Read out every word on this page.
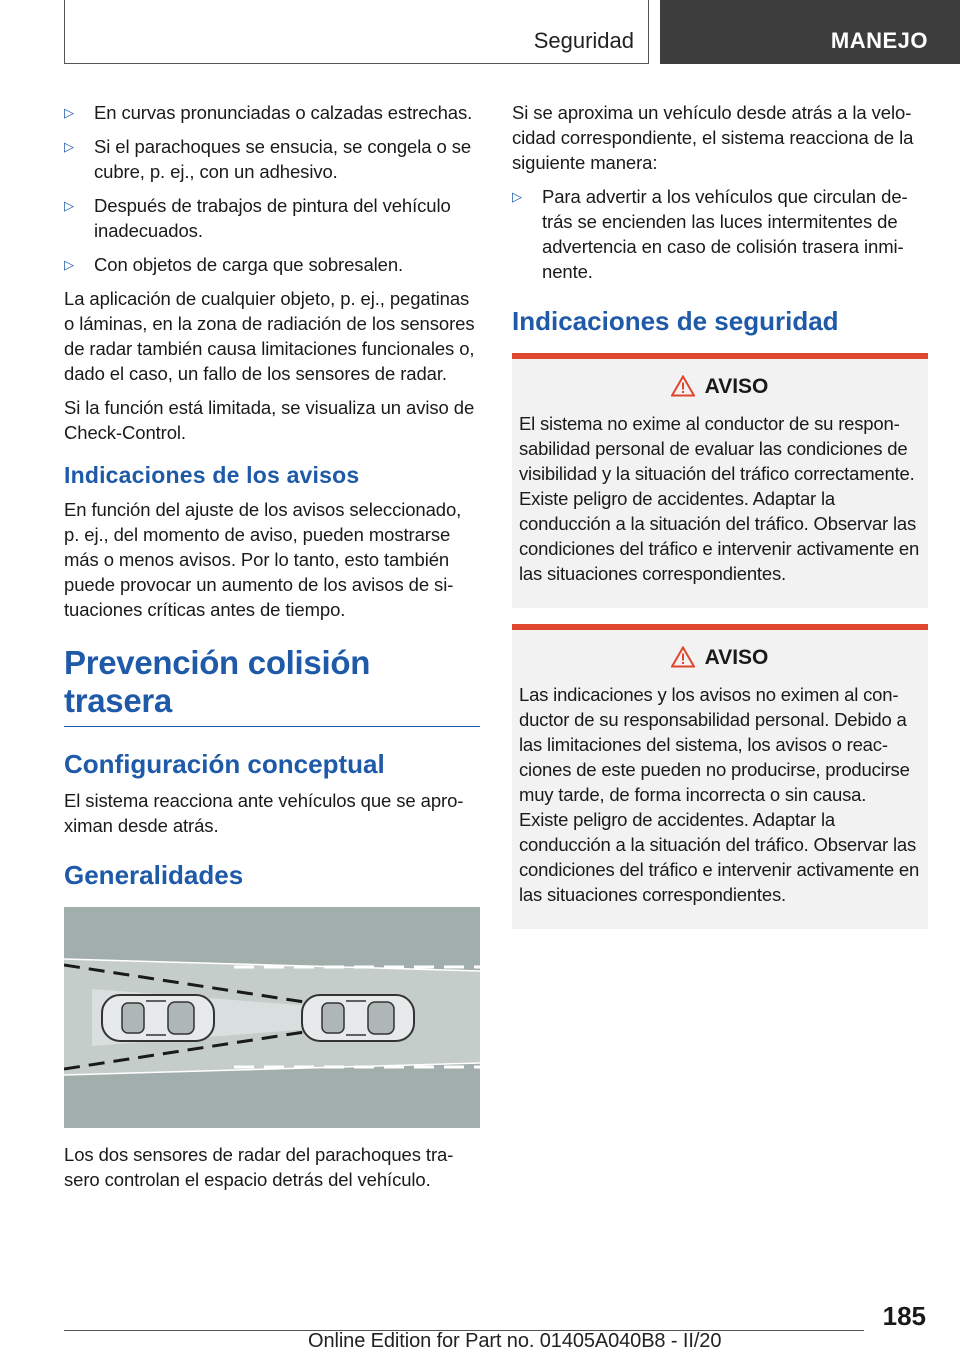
Seguridad	MANEJO
▷ En curvas pronunciadas o calzadas estrechas.
▷ Si el parachoques se ensucia, se congela o se cubre, p. ej., con un adhesivo.
▷ Después de trabajos de pintura del vehículo inadecuados.
▷ Con objetos de carga que sobresalen.

La aplicación de cualquier objeto, p. ej., pegatinas o láminas, en la zona de radiación de los sensores de radar también causa limitaciones funcionales o, dado el caso, un fallo de los sensores de radar.

Si la función está limitada, se visualiza un aviso de Check-Control.

Indicaciones de los avisos

En función del ajuste de los avisos seleccionado, p. ej., del momento de aviso, pueden mostrarse más o menos avisos. Por lo tanto, esto también puede provocar un aumento de los avisos de situaciones críticas antes de tiempo.

Prevención colisión trasera
Configuración conceptual

El sistema reacciona ante vehículos que se aproximan desde atrás.

Generalidades

Los dos sensores de radar del parachoques trasero controlan el espacio detrás del vehículo.

Si se aproxima un vehículo desde atrás a la velocidad correspondiente, el sistema reacciona de la siguiente manera:

▷ Para advertir a los vehículos que circulan detrás se encienden las luces intermitentes de advertencia en caso de colisión trasera inminente.
Indicaciones de seguridad
AVISO

El sistema no exime al conductor de su responsabilidad personal de evaluar las condiciones de visibilidad y la situación del tráfico correctamente. Existe peligro de accidentes. Adaptar la conducción a la situación del tráfico. Observar las condiciones del tráfico e intervenir activamente en las situaciones correspondientes.

AVISO

Las indicaciones y los avisos no eximen al conductor de su responsabilidad personal. Debido a las limitaciones del sistema, los avisos o reacciones de este pueden no producirse, producirse muy tarde, de forma incorrecta o sin causa. Existe peligro de accidentes. Adaptar la conducción a la situación del tráfico. Observar las condiciones del tráfico e intervenir activamente en las situaciones correspondientes.

185
Online Edition for Part no. 01405A040B8 - II/20
